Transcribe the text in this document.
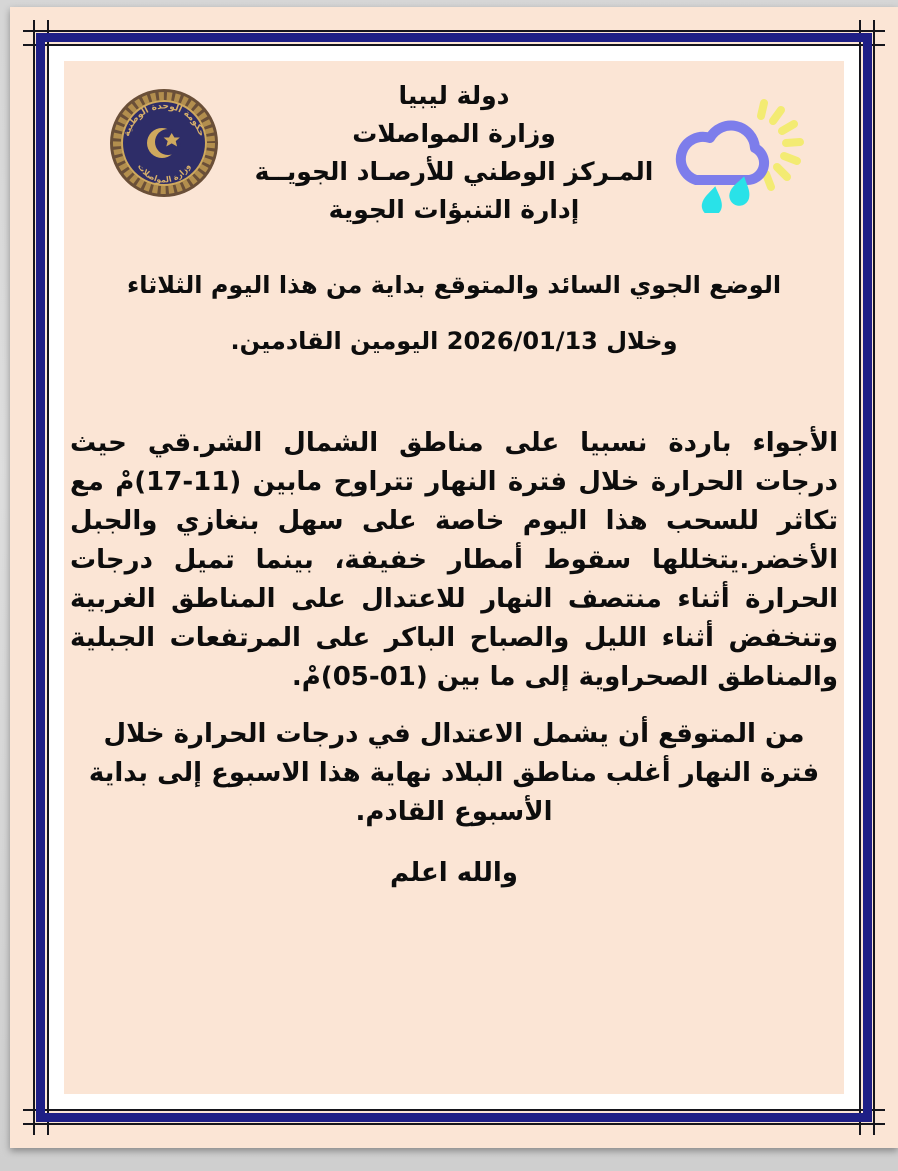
حكومة الوحدة الوطنية
وزارة المواصلات
دولة ليبيا
وزارة المواصلات
المـركز الوطني للأرصـاد الجويــة
إدارة التنبؤات الجوية
الوضع الجوي السائد والمتوقع بداية من هذا اليوم الثلاثاء
وخلال 2026/01/13 اليومين القادمين.

الأجواء باردة نسبيا على مناطق الشمال الشر.قي حيث درجات الحرارة خلال فترة النهار تتراوح مابين (11-17)مْ مع تكاثر للسحب هذا اليوم خاصة على سهل بنغازي والجبل الأخضر.يتخللها سقوط أمطار خفيفة، بينما تميل درجات الحرارة أثناء منتصف النهار للاعتدال على المناطق الغربية وتنخفض أثناء الليل والصباح الباكر على المرتفعات الجبلية والمناطق الصحراوية إلى ما بين (01-05)مْ.

من المتوقع أن يشمل الاعتدال في درجات الحرارة خلال فترة النهار أغلب مناطق البلاد نهاية هذا الاسبوع إلى بداية الأسبوع القادم.

والله اعلم
